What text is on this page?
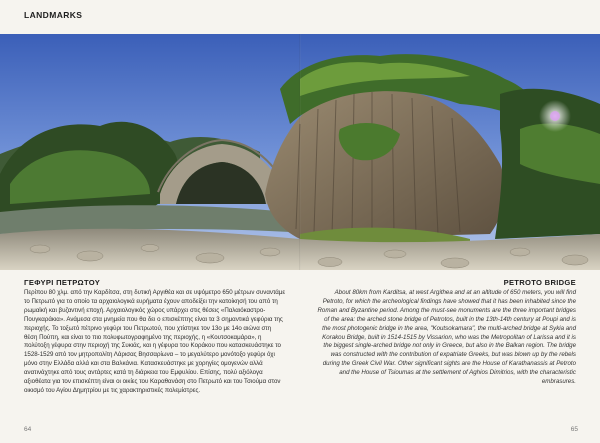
LANDMARKS
ΓΕΦΥΡΙ ΠΕΤΡΩΤΟΥ

Περίπου 80 χλμ. από την Καρδίτσα, στη δυτική Αργιθέα και σε υψόμετρο 650 μέτρων συναντάμε το Πετρωτό για το οποίο τα αρχαιολογικά ευρήματα έχουν αποδείξει την κατοίκησή του από τη ρωμαϊκή και βυζαντινή εποχή. Αρχαιολογικός χώρος υπάρχει στις θέσεις «Παλαιόκαστρο-Πουγκαράκια». Ανάμεσα στα μνημεία που θα δει ο επισκέπτης είναι τα 3 σημαντικά γεφύρια της περιοχής. Το τοξωτό πέτρινο γεφύρι του Πετρωτού, που χτίστηκε τον 13ο με 14ο αιώνα στη θέση Πούπη, και είναι το πιο πολυφωτογραφημένο της περιοχής, η «Κουτσοκαμάρα», η πολύτοξη γέφυρα στην περιοχή της Συκιάς, και η γέφυρα του Κοράκου που κατασκευάστηκε το 1528-1529 από τον μητροπολίτη Λάρισας Βησσαρίωνα – το μεγαλύτερο μονότοξο γεφύρι όχι μόνο στην Ελλάδα αλλά και στα Βαλκάνια. Κατασκευάστηκε με χορηγίες ομογενών αλλά ανατινάχτηκε από τους αντάρτες κατά τη διάρκεια του Εμφυλίου. Επίσης, πολύ αξιόλογα αξιοθέατα για τον επισκέπτη είναι οι οικίες του Καραθανάση στο Πετρωτό και του Τσιούμα στον οικισμό του Αγίου Δημητρίου με τις χαρακτηριστικές πολεμίστρες.

PETROTO BRIDGE

About 80km from Karditsa, at west Argithea and at an altitude of 650 meters, you will find Petroto, for which the archeological findings have showed that it has been inhabited since the Roman and Byzantine period. Among the must-see monuments are the three important bridges of the area: the arched stone bridge of Petrotos, built in the 13th-14th century at Poupi and is the most photogenic bridge in the area, "Koutsokamara", the multi-arched bridge at Sykia and Korakou Bridge, built in 1514-1515 by Vissarion, who was the Metropolitan of Larissa and it is the biggest single-arched bridge not only in Greece, but also in the Balkan region. The bridge was constructed with the contribution of expatriate Greeks, but was blown up by the rebels during the Greek Civil War. Other significant sights are the House of Karathanassis at Petroto and the House of Tsioumas at the settlement of Aghios Dimitrios, with the characteristic embrasures.

64	65
